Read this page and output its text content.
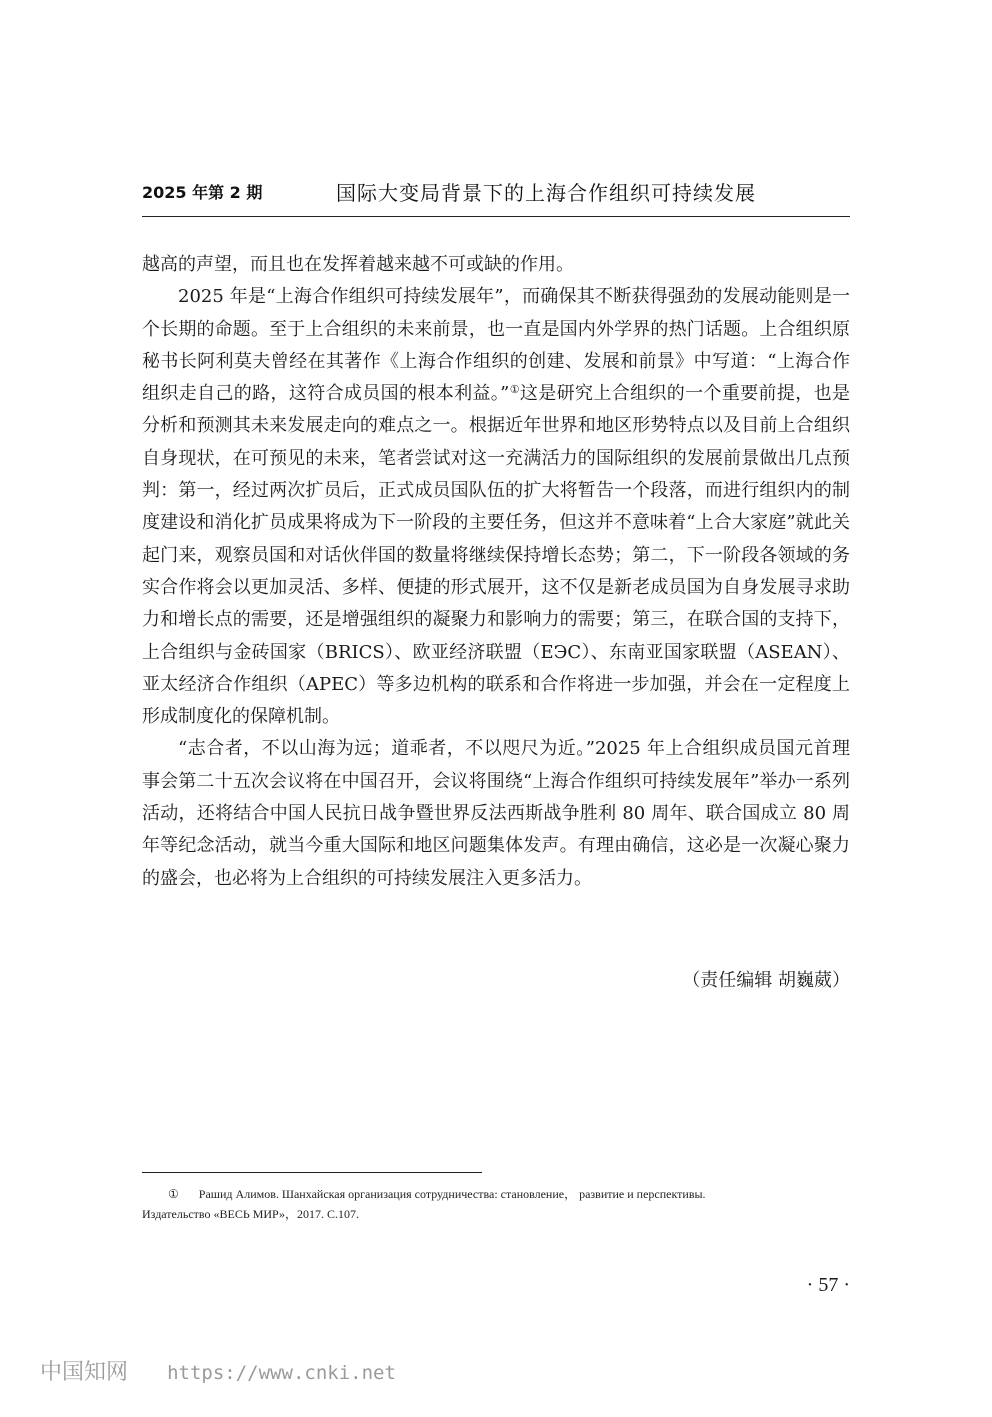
2025 年第 2 期	国际大变局背景下的上海合作组织可持续发展

越高的声望，而且也在发挥着越来越不可或缺的作用。

2025 年是“上海合作组织可持续发展年”，而确保其不断获得强劲的发展动能则是一个长期的命题。至于上合组织的未来前景，也一直是国内外学界的热门话题。上合组织原秘书长阿利莫夫曾经在其著作《上海合作组织的创建、发展和前景》中写道：“上海合作组织走自己的路，这符合成员国的根本利益。”①这是研究上合组织的一个重要前提，也是分析和预测其未来发展走向的难点之一。根据近年世界和地区形势特点以及目前上合组织自身现状，在可预见的未来，笔者尝试对这一充满活力的国际组织的发展前景做出几点预判：第一，经过两次扩员后，正式成员国队伍的扩大将暂告一个段落，而进行组织内的制度建设和消化扩员成果将成为下一阶段的主要任务，但这并不意味着“上合大家庭”就此关起门来，观察员国和对话伙伴国的数量将继续保持增长态势；第二，下一阶段各领域的务实合作将会以更加灵活、多样、便捷的形式展开，这不仅是新老成员国为自身发展寻求助力和增长点的需要，还是增强组织的凝聚力和影响力的需要；第三，在联合国的支持下，上合组织与金砖国家（BRICS）、欧亚经济联盟（ЕЭС）、东南亚国家联盟（ASEAN）、亚太经济合作组织（APEC）等多边机构的联系和合作将进一步加强，并会在一定程度上形成制度化的保障机制。

“志合者，不以山海为远；道乖者，不以咫尺为近。”2025 年上合组织成员国元首理事会第二十五次会议将在中国召开，会议将围绕“上海合作组织可持续发展年”举办一系列活动，还将结合中国人民抗日战争暨世界反法西斯战争胜利 80 周年、联合国成立 80 周年等纪念活动，就当今重大国际和地区问题集体发声。有理由确信，这必是一次凝心聚力的盛会，也必将为上合组织的可持续发展注入更多活力。

（责任编辑 胡巍葳）

① Рашид Алимов. Шанхайская организация сотрудничества: становление， развитие и перспективы.

Издательство «ВЕСЬ МИР»，2017. С.107.

· 57 ·
中国知网 https://www.cnki.net
